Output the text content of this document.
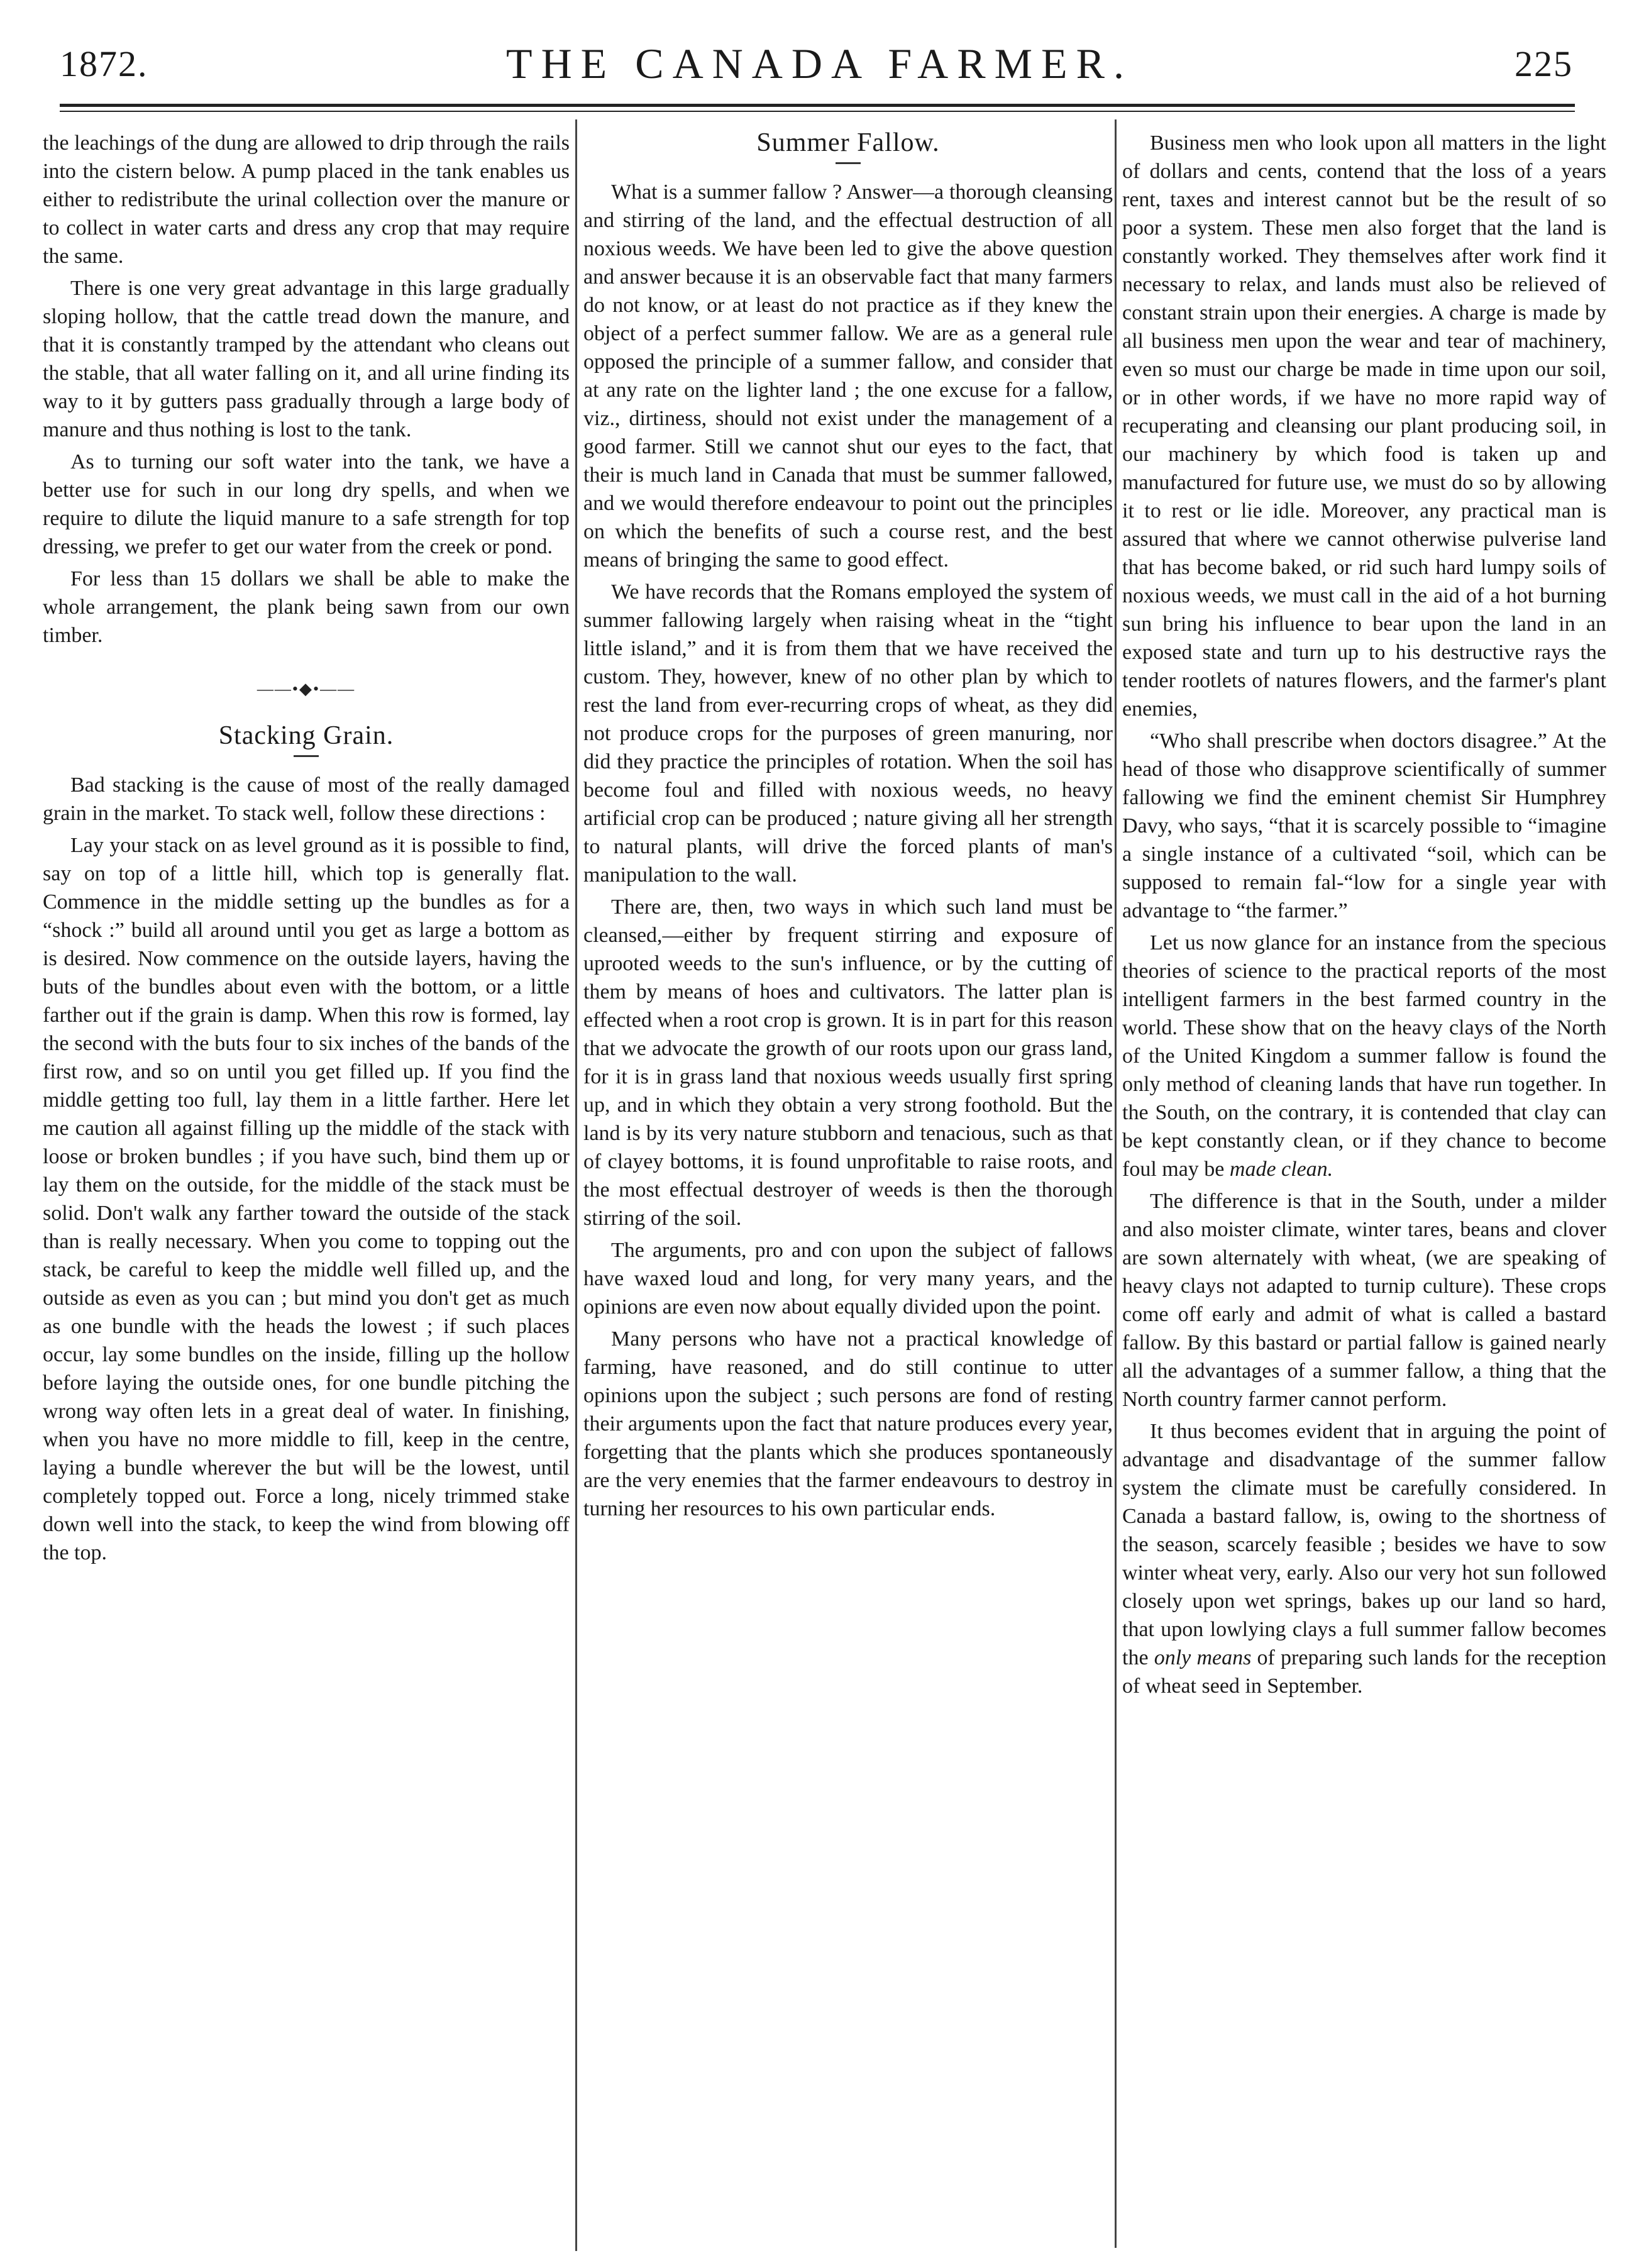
1872.	THE CANADA FARMER.	225

the leachings of the dung are allowed to drip through the rails into the cistern below. A pump placed in the tank enables us either to redistribute the urinal collection over the manure or to collect in water carts and dress any crop that may require the same.

There is one very great advantage in this large gradually sloping hollow, that the cattle tread down the manure, and that it is constantly tramped by the attendant who cleans out the stable, that all water falling on it, and all urine finding its way to it by gutters pass gradually through a large body of manure and thus nothing is lost to the tank.

As to turning our soft water into the tank, we have a better use for such in our long dry spells, and when we require to dilute the liquid manure to a safe strength for top dressing, we prefer to get our water from the creek or pond.

For less than 15 dollars we shall be able to make the whole arrangement, the plank being sawn from our own timber.

——•◆•——

Stacking Grain.

Bad stacking is the cause of most of the really damaged grain in the market. To stack well, follow these directions :

Lay your stack on as level ground as it is possible to find, say on top of a little hill, which top is generally flat. Commence in the middle setting up the bundles as for a “shock :” build all around until you get as large a bottom as is desired. Now commence on the outside layers, having the buts of the bundles about even with the bottom, or a little farther out if the grain is damp. When this row is formed, lay the second with the buts four to six inches of the bands of the first row, and so on until you get filled up. If you find the middle getting too full, lay them in a little farther. Here let me caution all against filling up the middle of the stack with loose or broken bundles ; if you have such, bind them up or lay them on the outside, for the middle of the stack must be solid. Don't walk any farther toward the outside of the stack than is really necessary. When you come to topping out the stack, be careful to keep the middle well filled up, and the outside as even as you can ; but mind you don't get as much as one bundle with the heads the lowest ; if such places occur, lay some bundles on the inside, filling up the hollow before laying the outside ones, for one bundle pitching the wrong way often lets in a great deal of water. In finishing, when you have no more middle to fill, keep in the centre, laying a bundle wherever the but will be the lowest, until completely topped out. Force a long, nicely trimmed stake down well into the stack, to keep the wind from blowing off the top.

Summer Fallow.

What is a summer fallow ? Answer—a thorough cleansing and stirring of the land, and the effectual destruction of all noxious weeds. We have been led to give the above question and answer because it is an observable fact that many farmers do not know, or at least do not practice as if they knew the object of a perfect summer fallow. We are as a general rule opposed the principle of a summer fallow, and consider that at any rate on the lighter land ; the one excuse for a fallow, viz., dirtiness, should not exist under the management of a good farmer. Still we cannot shut our eyes to the fact, that their is much land in Canada that must be summer fallowed, and we would therefore endeavour to point out the principles on which the benefits of such a course rest, and the best means of bringing the same to good effect.

We have records that the Romans employed the system of summer fallowing largely when raising wheat in the “tight little island,” and it is from them that we have received the custom. They, however, knew of no other plan by which to rest the land from ever-recurring crops of wheat, as they did not produce crops for the purposes of green manuring, nor did they practice the principles of rotation. When the soil has become foul and filled with noxious weeds, no heavy artificial crop can be produced ; nature giving all her strength to natural plants, will drive the forced plants of man's manipulation to the wall.

There are, then, two ways in which such land must be cleansed,—either by frequent stirring and exposure of uprooted weeds to the sun's influence, or by the cutting of them by means of hoes and cultivators. The latter plan is effected when a root crop is grown. It is in part for this reason that we advocate the growth of our roots upon our grass land, for it is in grass land that noxious weeds usually first spring up, and in which they obtain a very strong foothold. But the land is by its very nature stubborn and tenacious, such as that of clayey bottoms, it is found unprofitable to raise roots, and the most effectual destroyer of weeds is then the thorough stirring of the soil.

The arguments, pro and con upon the subject of fallows have waxed loud and long, for very many years, and the opinions are even now about equally divided upon the point.

Many persons who have not a practical knowledge of farming, have reasoned, and do still continue to utter opinions upon the subject ; such persons are fond of resting their arguments upon the fact that nature produces every year, forgetting that the plants which she produces spontaneously are the very enemies that the farmer endeavours to destroy in turning her resources to his own particular ends.

Business men who look upon all matters in the light of dollars and cents, contend that the loss of a years rent, taxes and interest cannot but be the result of so poor a system. These men also forget that the land is constantly worked. They themselves after work find it necessary to relax, and lands must also be relieved of constant strain upon their energies. A charge is made by all business men upon the wear and tear of machinery, even so must our charge be made in time upon our soil, or in other words, if we have no more rapid way of recuperating and cleansing our plant producing soil, in our machinery by which food is taken up and manufactured for future use, we must do so by allowing it to rest or lie idle. Moreover, any practical man is assured that where we cannot otherwise pulverise land that has become baked, or rid such hard lumpy soils of noxious weeds, we must call in the aid of a hot burning sun bring his influence to bear upon the land in an exposed state and turn up to his destructive rays the tender rootlets of natures flowers, and the farmer's plant enemies,

“Who shall prescribe when doctors disagree.” At the head of those who disapprove scientifically of summer fallowing we find the eminent chemist Sir Humphrey Davy, who says, “that it is scarcely possible to “imagine a single instance of a cultivated “soil, which can be supposed to remain fal-“low for a single year with advantage to “the farmer.”

Let us now glance for an instance from the specious theories of science to the practical reports of the most intelligent farmers in the best farmed country in the world. These show that on the heavy clays of the North of the United Kingdom a summer fallow is found the only method of cleaning lands that have run together. In the South, on the contrary, it is contended that clay can be kept constantly clean, or if they chance to become foul may be made clean.

The difference is that in the South, under a milder and also moister climate, winter tares, beans and clover are sown alternately with wheat, (we are speaking of heavy clays not adapted to turnip culture). These crops come off early and admit of what is called a bastard fallow. By this bastard or partial fallow is gained nearly all the advantages of a summer fallow, a thing that the North country farmer cannot perform.

It thus becomes evident that in arguing the point of advantage and disadvantage of the summer fallow system the climate must be carefully considered. In Canada a bastard fallow, is, owing to the shortness of the season, scarcely feasible ; besides we have to sow winter wheat very, early. Also our very hot sun followed closely upon wet springs, bakes up our land so hard, that upon lowlying clays a full summer fallow becomes the only means of preparing such lands for the reception of wheat seed in September.
